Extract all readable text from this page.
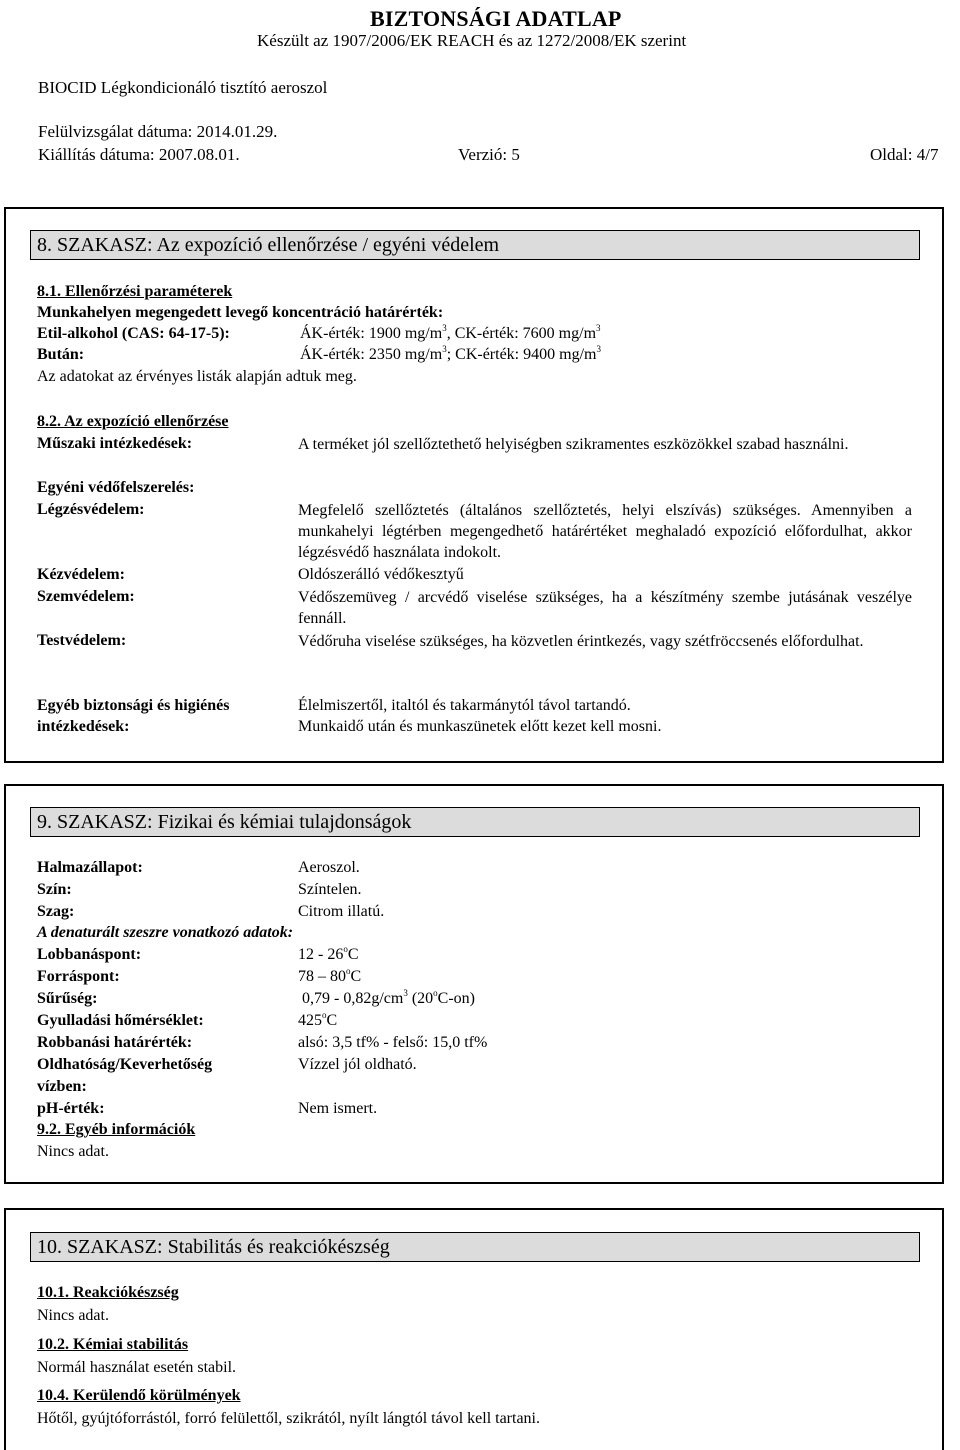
BIZTONSÁGI ADATLAP
Készült az 1907/2006/EK REACH és az 1272/2008/EK szerint
BIOCID Légkondicionáló tisztító aeroszol
Felülvizsgálat dátuma: 2014.01.29.
Kiállítás dátuma: 2007.08.01.	Verzió: 5	Oldal: 4/7
8. SZAKASZ: Az expozíció ellenőrzése / egyéni védelem
8.1. Ellenőrzési paraméterek
Munkahelyen megengedett levegő koncentráció határérték:
Etil-alkohol (CAS: 64-17-5):	ÁK-érték: 1900 $mg/m^3$, CK-érték: 7600 $mg/m^3$
Bután:	ÁK-érték: 2350 $mg/m^3$; CK-érték: 9400 $mg/m^3$
Az adatokat az érvényes listák alapján adtuk meg.
8.2. Az expozíció ellenőrzése
Műszaki intézkedések:	A terméket jól szellőztethető helyiségben szikramentes eszközökkel szabad használni.
Egyéni védőfelszerelés:
Légzésvédelem:	Megfelelő szellőztetés (általános szellőztetés, helyi elszívás) szükséges. Amennyiben a munkahelyi légtérben megengedhető határértéket meghaladó expozíció előfordulhat, akkor légzésvédő használata indokolt.
Kézvédelem:	Oldószerálló védőkesztyű
Szemvédelem:	Védőszemüveg / arcvédő viselése szükséges, ha a készítmény szembe jutásának veszélye fennáll.
Testvédelem:	Védőruha viselése szükséges, ha közvetlen érintkezés, vagy szétfröccsenés előfordulhat.
Egyéb biztonsági és higiénés
intézkedések:
Élelmiszertől, italtól és takarmánytól távol tartandó.
Munkaidő után és munkaszünetek előtt kezet kell mosni.
9. SZAKASZ: Fizikai és kémiai tulajdonságok
Halmazállapot:	Aeroszol.
Szín:	Színtelen.
Szag:	Citrom illatú.
A denaturált szeszre vonatkozó adatok:
Lobbanáspont:	12 - 26$^o$C
Forráspont:	78 – 80$^o$C
Sűrűség:	$0,79 - 0,82g/cm^3$ (20$^o$C-on)
Gyulladási hőmérséklet:	425$^o$C
Robbanási határérték:	alsó: 3,5 tf% - felső: 15,0 tf%
Oldhatóság/Keverhetőség
vízben:
Vízzel jól oldható.
pH-érték:	Nem ismert.
9.2. Egyéb információk
Nincs adat.
10. SZAKASZ: Stabilitás és reakciókészség
10.1. Reakciókészség
Nincs adat.
10.2. Kémiai stabilitás
Normál használat esetén stabil.
10.4. Kerülendő körülmények
Hőtől, gyújtóforrástól, forró felülettől, szikrától, nyílt lángtól távol kell tartani.
